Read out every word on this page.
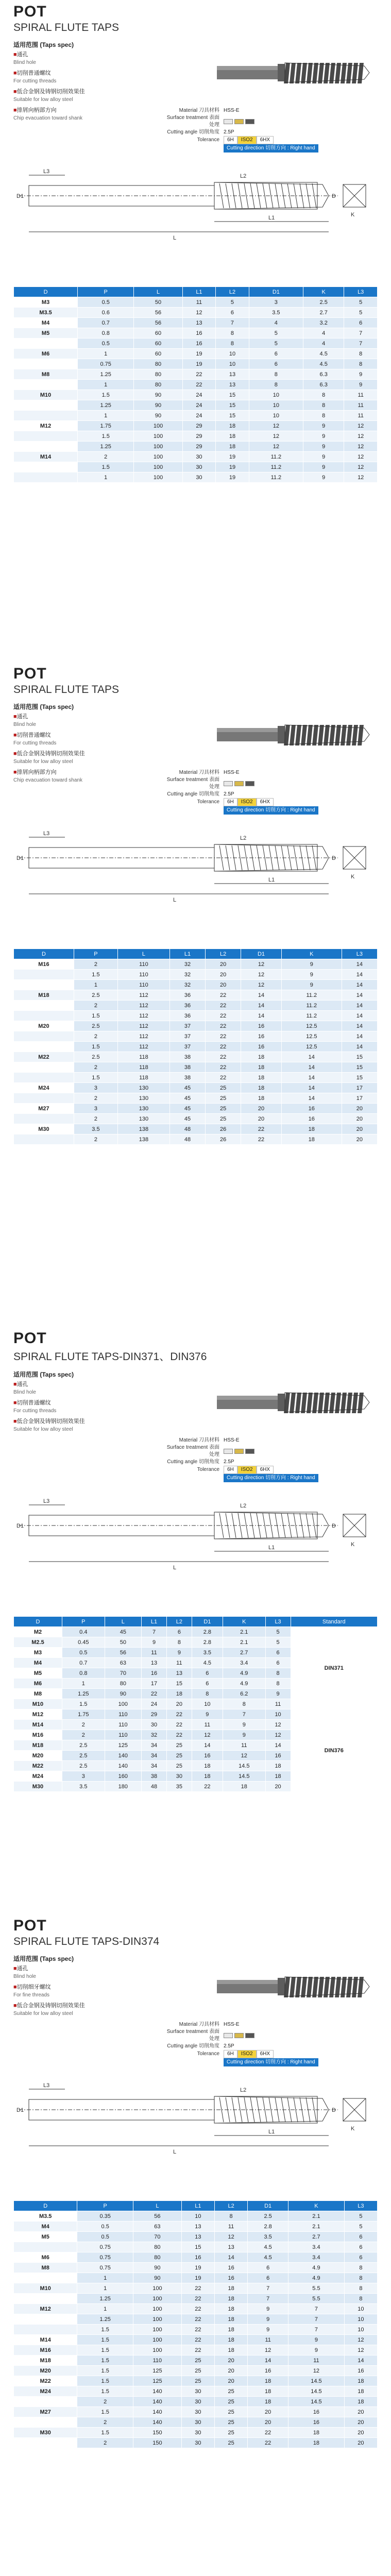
POT
SPIRAL FLUTE TAPS
适用范围 (Taps spec)
■ 通孔
Blind hole
■ 切削普通螺纹
For cutting threads
■ 低合金钢及铸钢切削效果佳
Suitable for low alloy steel
■ 排屑向柄部方向
Chip evacuation toward shank
Material 刀具材料 HSS-E
Surface treatment 表面处理
Cutting angle 切削角度 2.5P
Tolerance	6H	ISO2	6HX
Cutting direction 切削方向 : Right hand
L
L1
L3
D1	D
K
L2
D	P	L	L1	L2	D1	K	L3
M3	0.5	50	11	5	3	2.5	5
M3.5	0.6	56	12	6	3.5	2.7	5
M4	0.7	56	13	7	4	3.2	6
M5	0.8	60	16	8	5	4	7
	0.5	60	16	8	5	4	7
M6	1	60	19	10	6	4.5	8
	0.75	80	19	10	6	4.5	8
M8	1.25	80	22	13	8	6.3	9
	1	80	22	13	8	6.3	9
M10	1.5	90	24	15	10	8	11
	1.25	90	24	15	10	8	11
	1	90	24	15	10	8	11
M12	1.75	100	29	18	12	9	12
	1.5	100	29	18	12	9	12
	1.25	100	29	18	12	9	12
M14	2	100	30	19	11.2	9	12
	1.5	100	30	19	11.2	9	12
	1	100	30	19	11.2	9	12
POT
SPIRAL FLUTE TAPS
适用范围 (Taps spec)
■ 通孔
Blind hole
■ 切削普通螺纹
For cutting threads
■ 低合金钢及铸钢切削效果佳
Suitable for low alloy steel
■ 排屑向柄部方向
Chip evacuation toward shank
Material 刀具材料 HSS-E
Surface treatment 表面处理
Cutting angle 切削角度 2.5P
Tolerance	6H	ISO2	6HX
Cutting direction 切削方向 : Right hand
L
L1
L3
D1	D
K
L2
D	P	L	L1	L2	D1	K	L3
M16	2	110	32	20	12	9	14
	1.5	110	32	20	12	9	14
	1	110	32	20	12	9	14
M18	2.5	112	36	22	14	11.2	14
	2	112	36	22	14	11.2	14
	1.5	112	36	22	14	11.2	14
M20	2.5	112	37	22	16	12.5	14
	2	112	37	22	16	12.5	14
	1.5	112	37	22	16	12.5	14
M22	2.5	118	38	22	18	14	15
	2	118	38	22	18	14	15
	1.5	118	38	22	18	14	15
M24	3	130	45	25	18	14	17
	2	130	45	25	18	14	17
M27	3	130	45	25	20	16	20
	2	130	45	25	20	16	20
M30	3.5	138	48	26	22	18	20
	2	138	48	26	22	18	20
POT
SPIRAL FLUTE TAPS-DIN371、DIN376
适用范围 (Taps spec)
■ 通孔
Blind hole
■ 切削普通螺纹
For cutting threads
■ 低合金钢及铸钢切削效果佳
Suitable for low alloy steel
Material 刀具材料 HSS-E
Surface treatment 表面处理
Cutting angle 切削角度 2.5P
Tolerance	6H	ISO2	6HX
Cutting direction 切削方向 : Right hand
L
L1
L3
D1	D
K
L2
D	P	L	L1	L2	D1	K	L3	Standard
M2	0.4	45	7	6	2.8	2.1	5	DIN371
M2.5	0.45	50	9	8	2.8	2.1	5	
M3	0.5	56	11	9	3.5	2.7	6	
M4	0.7	63	13	11	4.5	3.4	6	
M5	0.8	70	16	13	6	4.9	8	
M6	1	80	17	15	6	4.9	8	
M8	1.25	90	22	18	8	6.2	9	
M10	1.5	100	24	20	10	8	11	
M12	1.75	110	29	22	9	7	10	DIN376
M14	2	110	30	22	11	9	12	
M16	2	110	32	22	12	9	12	
M18	2.5	125	34	25	14	11	14	
M20	2.5	140	34	25	16	12	16	
M22	2.5	140	34	25	18	14.5	18	
M24	3	160	38	30	18	14.5	18	
M30	3.5	180	48	35	22	18	20	
POT
SPIRAL FLUTE TAPS-DIN374
适用范围 (Taps spec)
■ 通孔
Blind hole
■ 切削细牙螺纹
For fine threads
■ 低合金钢及铸钢切削效果佳
Suitable for low alloy steel
Material 刀具材料 HSS-E
Surface treatment 表面处理
Cutting angle 切削角度 2.5P
Tolerance	6H	ISO2	6HX
Cutting direction 切削方向 : Right hand
L
L1
L3
D1	D
K
L2
D	P	L	L1	L2	D1	K	L3
M3.5	0.35	56	10	8	2.5	2.1	5
M4	0.5	63	13	11	2.8	2.1	5
M5	0.5	70	13	12	3.5	2.7	6
	0.75	80	15	13	4.5	3.4	6
M6	0.75	80	16	14	4.5	3.4	6
M8	0.75	90	19	16	6	4.9	8
	1	90	19	16	6	4.9	8
M10	1	100	22	18	7	5.5	8
	1.25	100	22	18	7	5.5	8
M12	1	100	22	18	9	7	10
	1.25	100	22	18	9	7	10
	1.5	100	22	18	9	7	10
M14	1.5	100	22	18	11	9	12
M16	1.5	100	22	18	12	9	12
M18	1.5	110	25	20	14	11	14
M20	1.5	125	25	20	16	12	16
M22	1.5	125	25	20	18	14.5	18
M24	1.5	140	30	25	18	14.5	18
	2	140	30	25	18	14.5	18
M27	1.5	140	30	25	20	16	20
	2	140	30	25	20	16	20
M30	1.5	150	30	25	22	18	20
	2	150	30	25	22	18	20
